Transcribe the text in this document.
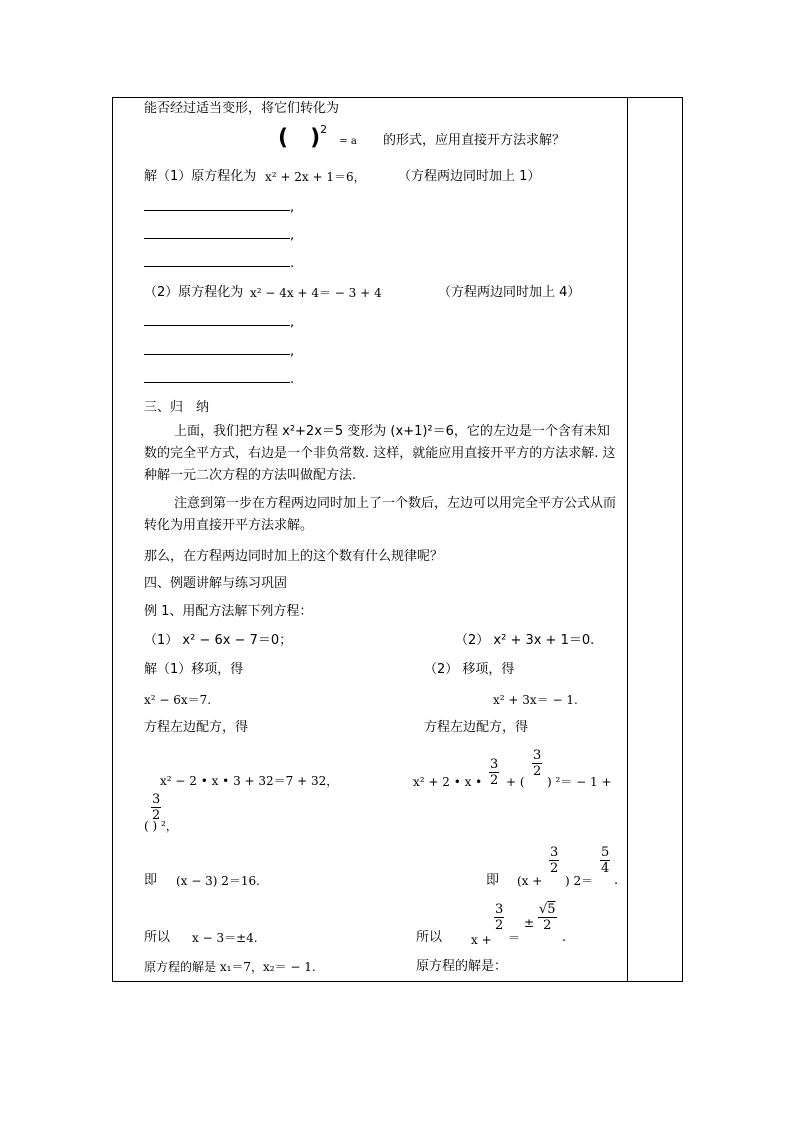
能否经过适当变形，将它们转化为
( )$^2$ = a 的形式，应用直接开方法求解？
解（1）原方程化为 x² + 2x + 1＝6， （方程两边同时加上 1）
,
,
.
（2）原方程化为 x² − 4x + 4＝ − 3 + 4	（方程两边同时加上 4）
,
,
.
三、归　纳
上面，我们把方程 x²+2x＝5 变形为 (x+1)²＝6，它的左边是一个含有未知数的完全平方式，右边是一个非负常数. 这样，就能应用直接开平方的方法求解. 这种解一元二次方程的方法叫做配方法.
注意到第一步在方程两边同时加上了一个数后，左边可以用完全平方公式从而转化为用直接开平方法求解。
那么，在方程两边同时加上的这个数有什么规律呢？
四、例题讲解与练习巩固
例 1、用配方法解下列方程：
（1） x² − 6x − 7＝0；	（2） x² + 3x + 1＝0.
解（1）移项，得
x² − 6x＝7.
方程左边配方，得
x² − 2 • x • 3 + 32＝7 + 32，
即 (x − 3) 2＝16.
所以 x − 3＝±4.
原方程的解是 x₁＝7，x₂＝ − 1.
（2） 移项，得
x² + 3x＝ − 1.
方程左边配方，得
x² + 2 • x • $\frac{3}{2}$ + (
$\frac{3}{2}$
) ²＝ − 1 +
$\frac{3}{2}$
( ) ²，
即 (x +
$\frac{3}{2}$
) 2＝
$\frac{5}{4}$
.
所以 x +
$\frac{3}{2}$
＝
± $\frac{√5}{2}$
.
原方程的解是：
